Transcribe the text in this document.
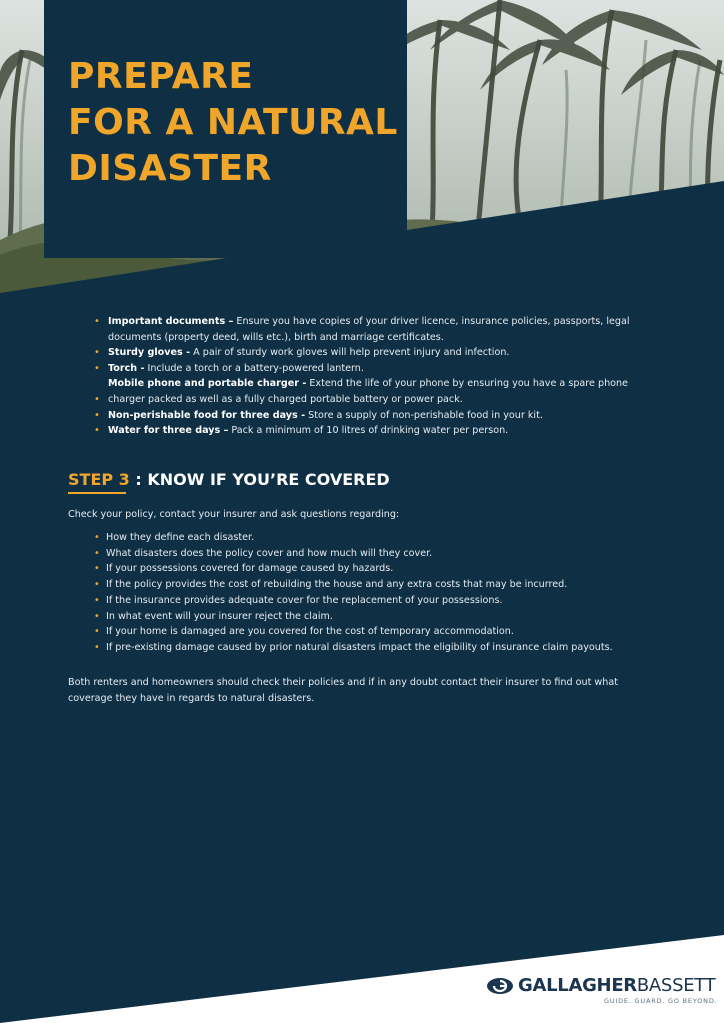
PREPARE
FOR A NATURAL
DISASTER
• Important documents – Ensure you have copies of your driver licence, insurance policies, passports, legal documents (property deed, wills etc.), birth and marriage certificates.
• Sturdy gloves - A pair of sturdy work gloves will help prevent injury and infection.
• Torch - Include a torch or a battery-powered lantern.
Mobile phone and portable charger - Extend the life of your phone by ensuring you have a spare phone
• charger packed as well as a fully charged portable battery or power pack.
• Non-perishable food for three days - Store a supply of non-perishable food in your kit.
• Water for three days – Pack a minimum of 10 litres of drinking water per person.
STEP 3 : KNOW IF YOU’RE COVERED

Check your policy, contact your insurer and ask questions regarding:

• How they define each disaster.
• What disasters does the policy cover and how much will they cover.
• If your possessions covered for damage caused by hazards.
• If the policy provides the cost of rebuilding the house and any extra costs that may be incurred.
• If the insurance provides adequate cover for the replacement of your possessions.
• In what event will your insurer reject the claim.
• If your home is damaged are you covered for the cost of temporary accommodation.
• If pre-existing damage caused by prior natural disasters impact the eligibility of insurance claim payouts.

Both renters and homeowners should check their policies and if in any doubt contact their insurer to find out what coverage they have in regards to natural disasters.

GALLAGHERBASSETT
GUIDE. GUARD. GO BEYOND.
